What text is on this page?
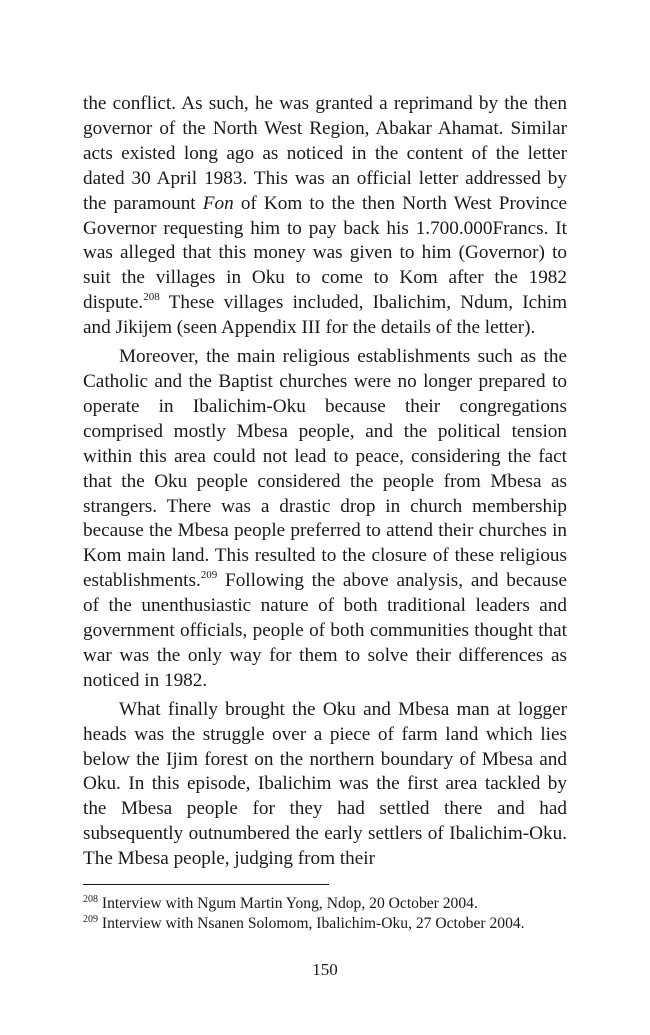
the conflict. As such, he was granted a reprimand by the then governor of the North West Region, Abakar Ahamat. Similar acts existed long ago as noticed in the content of the letter dated 30 April 1983. This was an official letter addressed by the paramount Fon of Kom to the then North West Province Governor requesting him to pay back his 1.700.000Francs. It was alleged that this money was given to him (Governor) to suit the villages in Oku to come to Kom after the 1982 dispute.$^{208}$ These villages included, Ibalichim, Ndum, Ichim and Jikijem (seen Appendix III for the details of the letter).

Moreover, the main religious establishments such as the Catholic and the Baptist churches were no longer prepared to operate in Ibalichim-Oku because their congregations comprised mostly Mbesa people, and the political tension within this area could not lead to peace, considering the fact that the Oku people considered the people from Mbesa as strangers. There was a drastic drop in church membership because the Mbesa people preferred to attend their churches in Kom main land. This resulted to the closure of these religious establishments.$^{209}$ Following the above analysis, and because of the unenthusiastic nature of both traditional leaders and government officials, people of both communities thought that war was the only way for them to solve their differences as noticed in 1982.

What finally brought the Oku and Mbesa man at logger heads was the struggle over a piece of farm land which lies below the Ijim forest on the northern boundary of Mbesa and Oku. In this episode, Ibalichim was the first area tackled by the Mbesa people for they had settled there and had subsequently outnumbered the early settlers of Ibalichim-Oku. The Mbesa people, judging from their

$^{208}$ Interview with Ngum Martin Yong, Ndop, 20 October 2004.

$^{209}$ Interview with Nsanen Solomom, Ibalichim-Oku, 27 October 2004.

150
